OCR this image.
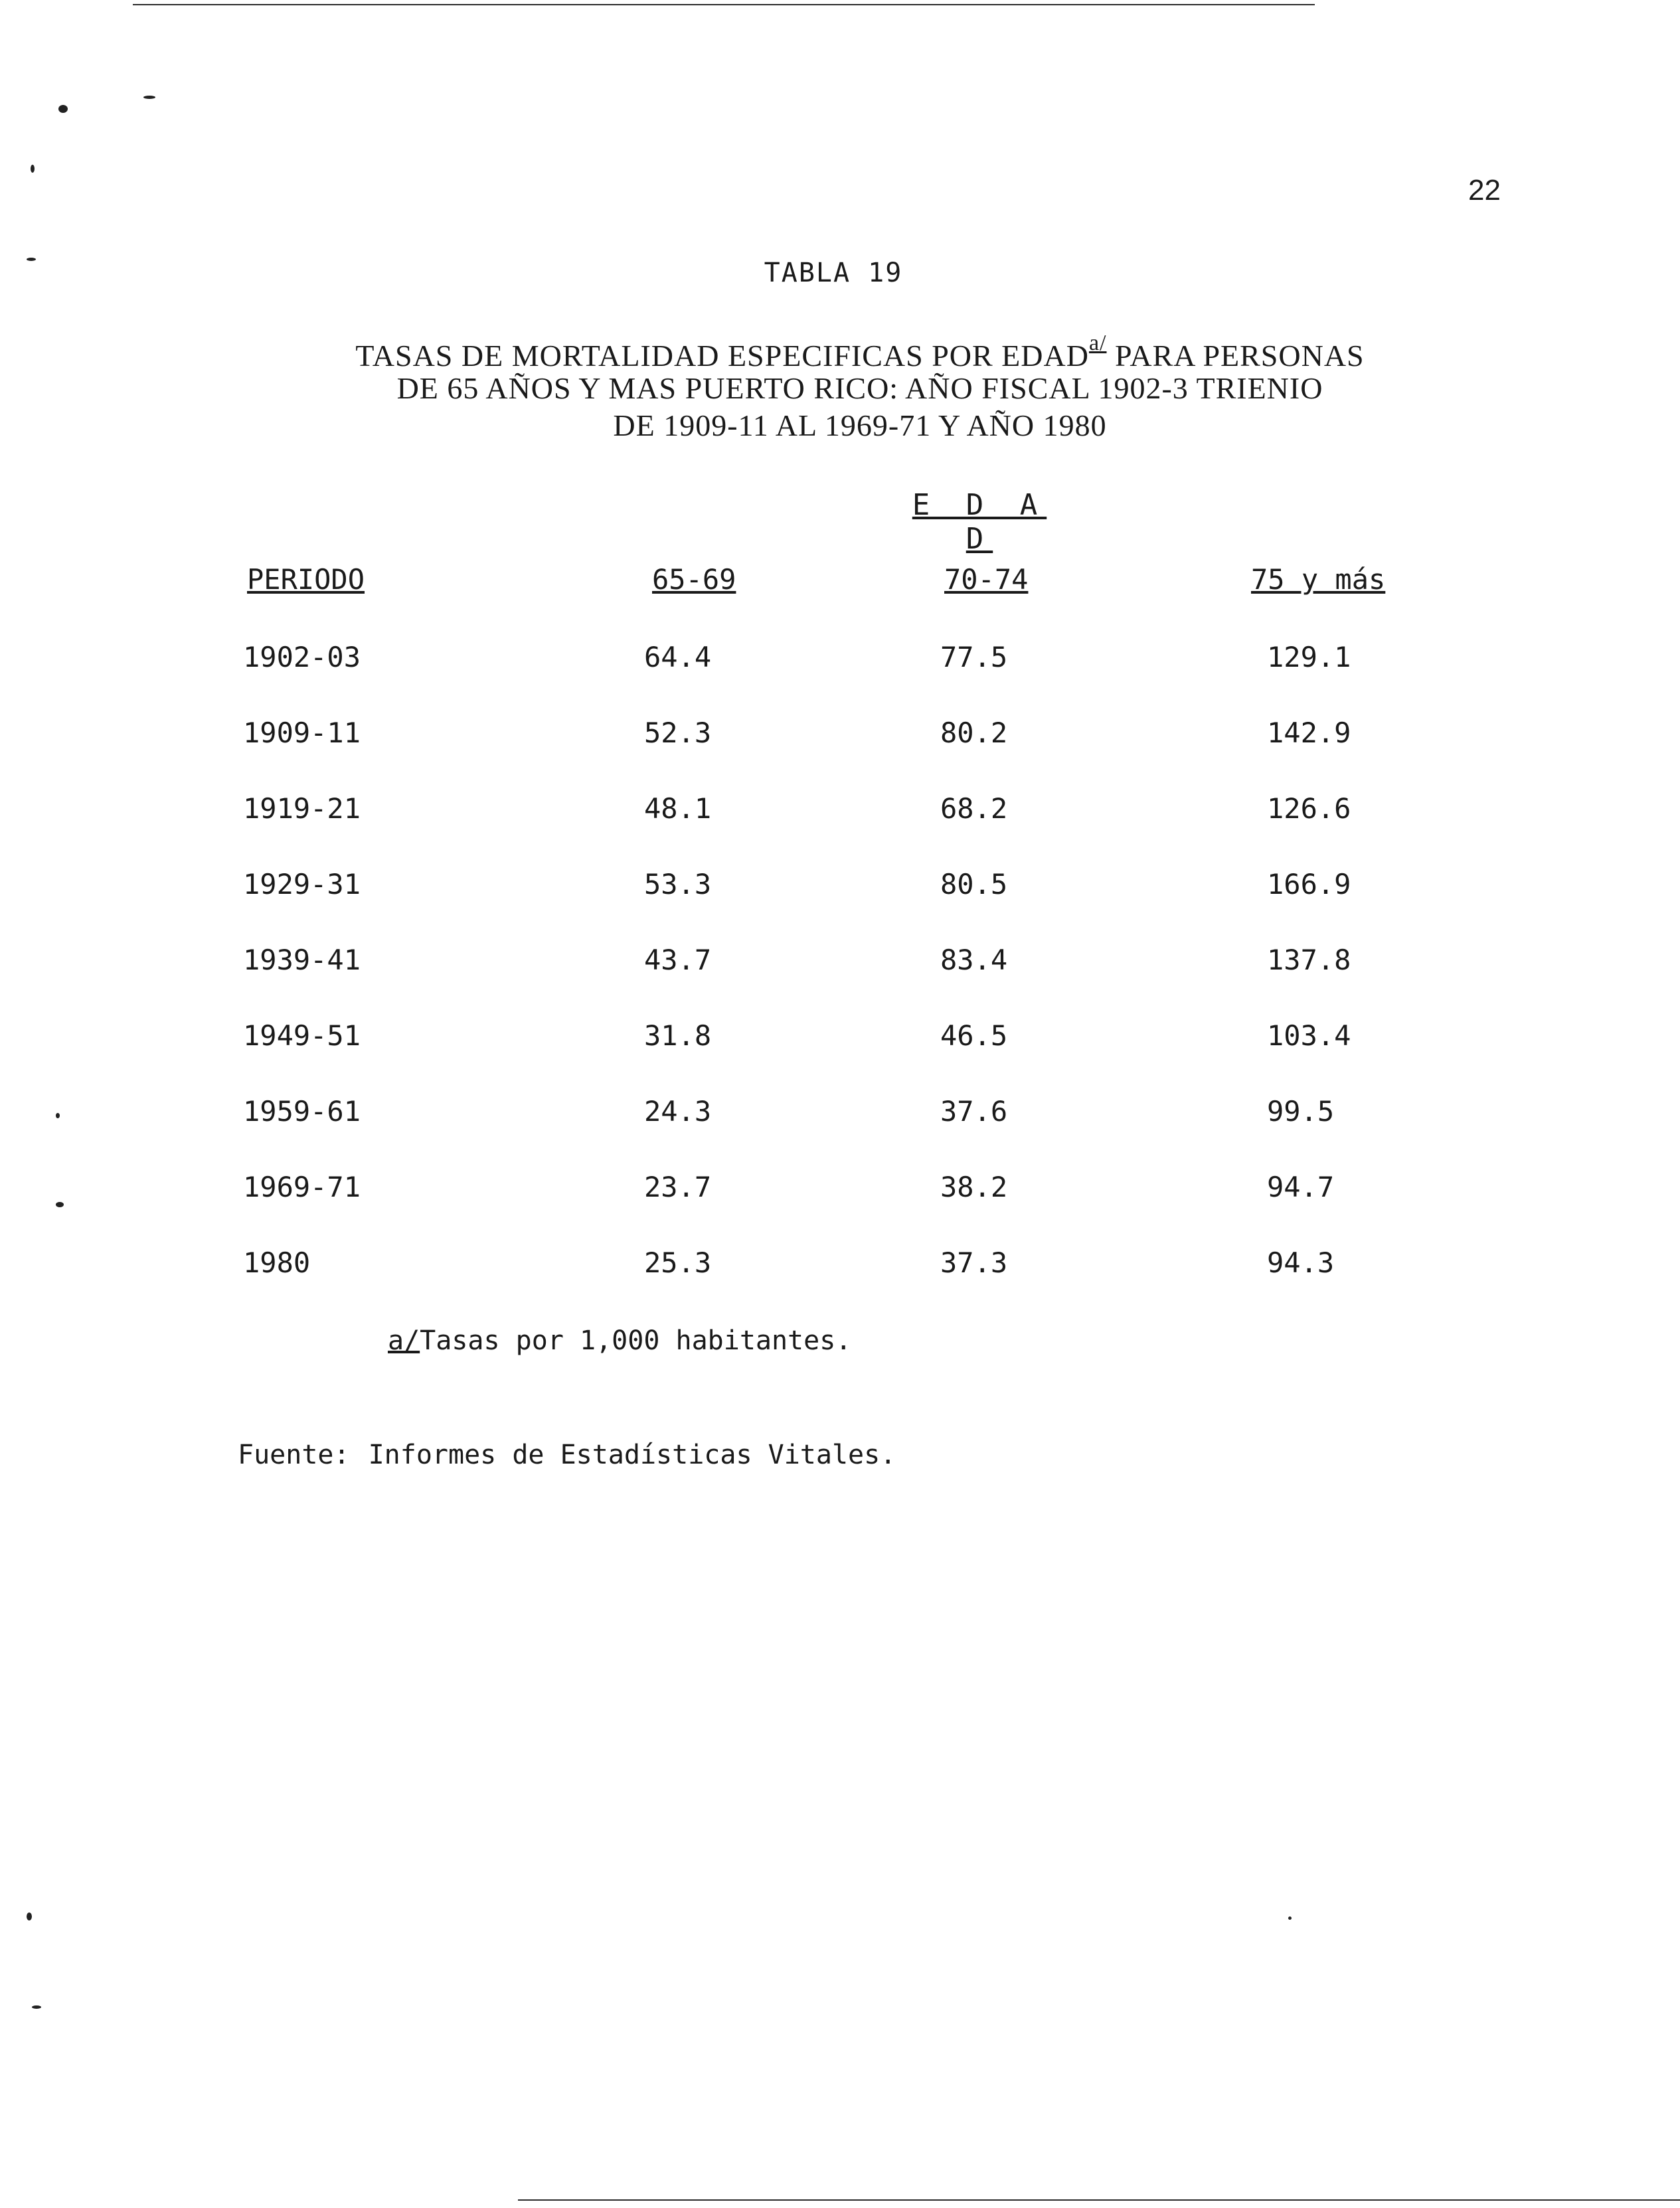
22
TABLA 19
TASAS DE MORTALIDAD ESPECIFICAS POR $EDAD^{a/}$ PARA PERSONAS
DE 65 AÑOS Y MAS PUERTO RICO: AÑO FISCAL 1902-3 TRIENIO
DE 1909-11 AL 1969-71 Y AÑO 1980
E D A D
PERIODO	65-69	70-74	75 y más
1902-03	64.4	77.5	129.1
1909-11	52.3	80.2	142.9
1919-21	48.1	68.2	126.6
1929-31	53.3	80.5	166.9
1939-41	43.7	83.4	137.8
1949-51	31.8	46.5	103.4
1959-61	24.3	37.6	99.5
1969-71	23.7	38.2	94.7
1980	25.3	37.3	94.3
a/Tasas por 1,000 habitantes.
Fuente: Informes de Estadísticas Vitales.
